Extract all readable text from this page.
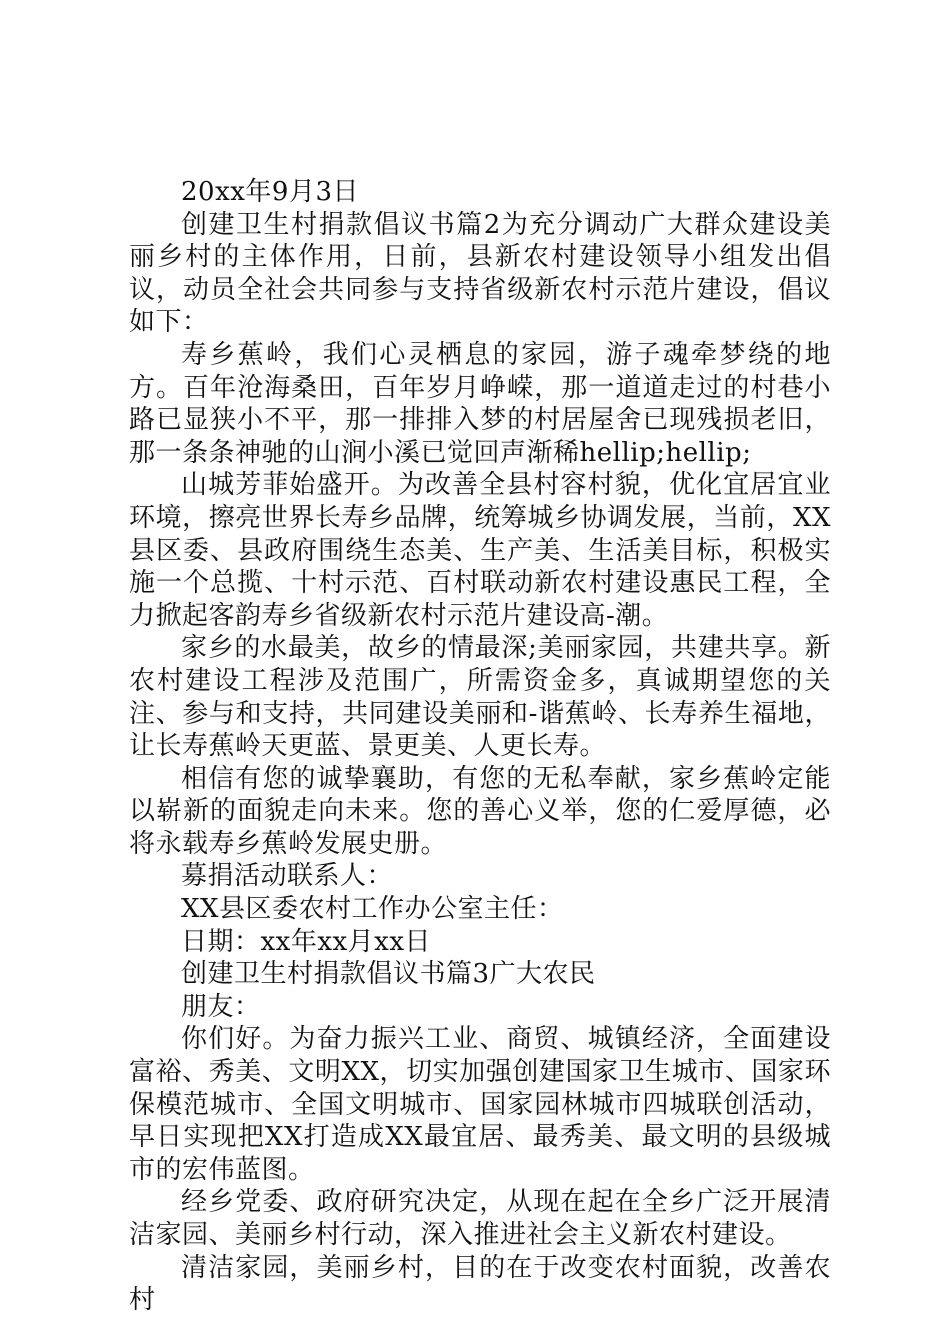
20xx年9月3日

创建卫生村捐款倡议书篇2为充分调动广大群众建设美丽乡村的主体作用，日前，县新农村建设领导小组发出倡议，动员全社会共同参与支持省级新农村示范片建设，倡议如下：

寿乡蕉岭，我们心灵栖息的家园，游子魂牵梦绕的地方。百年沧海桑田，百年岁月峥嵘，那一道道走过的村巷小路已显狭小不平，那一排排入梦的村居屋舍已现残损老旧，那一条条神驰的山涧小溪已觉回声渐稀hellip;hellip;

山城芳菲始盛开。为改善全县村容村貌，优化宜居宜业环境，擦亮世界长寿乡品牌，统筹城乡协调发展，当前，XX县区委、县政府围绕生态美、生产美、生活美目标，积极实施一个总揽、十村示范、百村联动新农村建设惠民工程，全力掀起客韵寿乡省级新农村示范片建设高-潮。

家乡的水最美，故乡的情最深;美丽家园，共建共享。新农村建设工程涉及范围广，所需资金多，真诚期望您的关注、参与和支持，共同建设美丽和-谐蕉岭、长寿养生福地，让长寿蕉岭天更蓝、景更美、人更长寿。

相信有您的诚挚襄助，有您的无私奉献，家乡蕉岭定能以崭新的面貌走向未来。您的善心义举，您的仁爱厚德，必将永载寿乡蕉岭发展史册。

募捐活动联系人：

XX县区委农村工作办公室主任：

日期：xx年xx月xx日

创建卫生村捐款倡议书篇3广大农民

朋友：

你们好。为奋力振兴工业、商贸、城镇经济，全面建设富裕、秀美、文明XX，切实加强创建国家卫生城市、国家环保模范城市、全国文明城市、国家园林城市四城联创活动，早日实现把XX打造成XX最宜居、最秀美、最文明的县级城市的宏伟蓝图。

经乡党委、政府研究决定，从现在起在全乡广泛开展清洁家园、美丽乡村行动，深入推进社会主义新农村建设。

清洁家园，美丽乡村，目的在于改变农村面貌，改善农村
